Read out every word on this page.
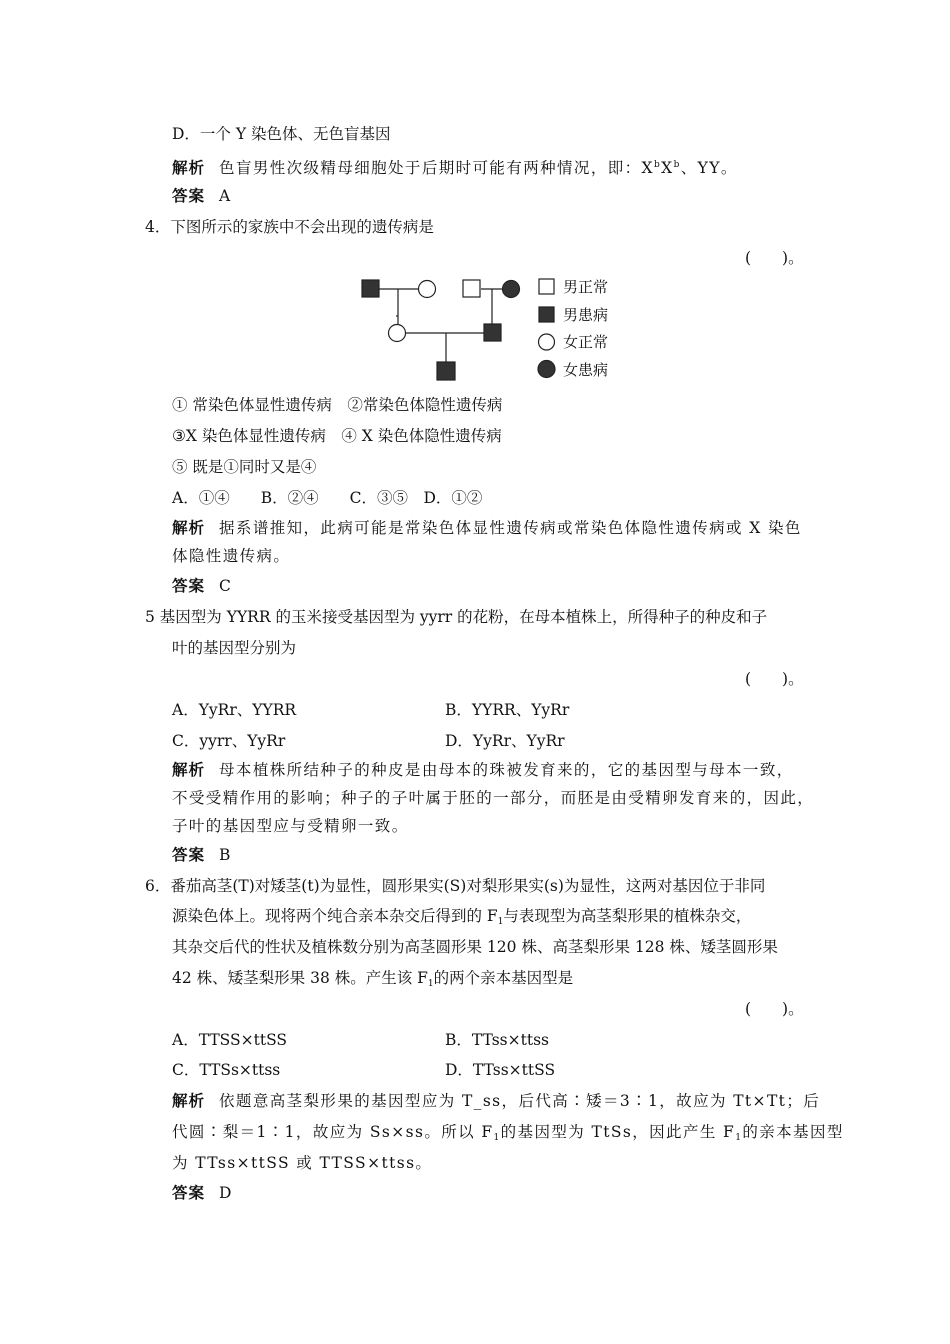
D．一个 Y 染色体、无色盲基因
解析 色盲男性次级精母细胞处于后期时可能有两种情况，即：$X^bX^b$、YY。
答案 A
4．下图所示的家族中不会出现的遗传病是
(　　)。
男正常
男患病
女正常
女患病
① 常染色体显性遗传病　②常染色体隐性遗传病
③X 染色体显性遗传病　④ X 染色体隐性遗传病
⑤ 既是①同时又是④
A．①④　　B．②④　　C．③⑤　D．①②
解析 据系谱推知，此病可能是常染色体显性遗传病或常染色体隐性遗传病或 X 染色
体隐性遗传病。
答案 C
5 基因型为 YYRR 的玉米接受基因型为 yyrr 的花粉，在母本植株上，所得种子的种皮和子
叶的基因型分别为
(　　)。
A．YyRr、YYRR	B．YYRR、YyRr
C．yyrr、YyRr	D．YyRr、YyRr
解析 母本植株所结种子的种皮是由母本的珠被发育来的，它的基因型与母本一致，
不受受精作用的影响；种子的子叶属于胚的一部分，而胚是由受精卵发育来的，因此，
子叶的基因型应与受精卵一致。
答案 B
6．番茄高茎(T)对矮茎(t)为显性，圆形果实(S)对梨形果实(s)为显性，这两对基因位于非同
源染色体上。现将两个纯合亲本杂交后得到的 $F_1$与表现型为高茎梨形果的植株杂交，
其杂交后代的性状及植株数分别为高茎圆形果 120 株、高茎梨形果 128 株、矮茎圆形果
42 株、矮茎梨形果 38 株。产生该 $F_1$的两个亲本基因型是
(　　)。
A．TTSS×ttSS	B．TTss×ttss
C．TTSs×ttss	D．TTss×ttSS
解析 依题意高茎梨形果的基因型应为 T_ss，后代高∶矮＝3∶1，故应为 Tt×Tt；后
代圆∶梨＝1∶1，故应为 Ss×ss。所以 $F_1$的基因型为 TtSs，因此产生 $F_1$的亲本基因型
为 TTss×ttSS 或 TTSS×ttss。
答案 D
